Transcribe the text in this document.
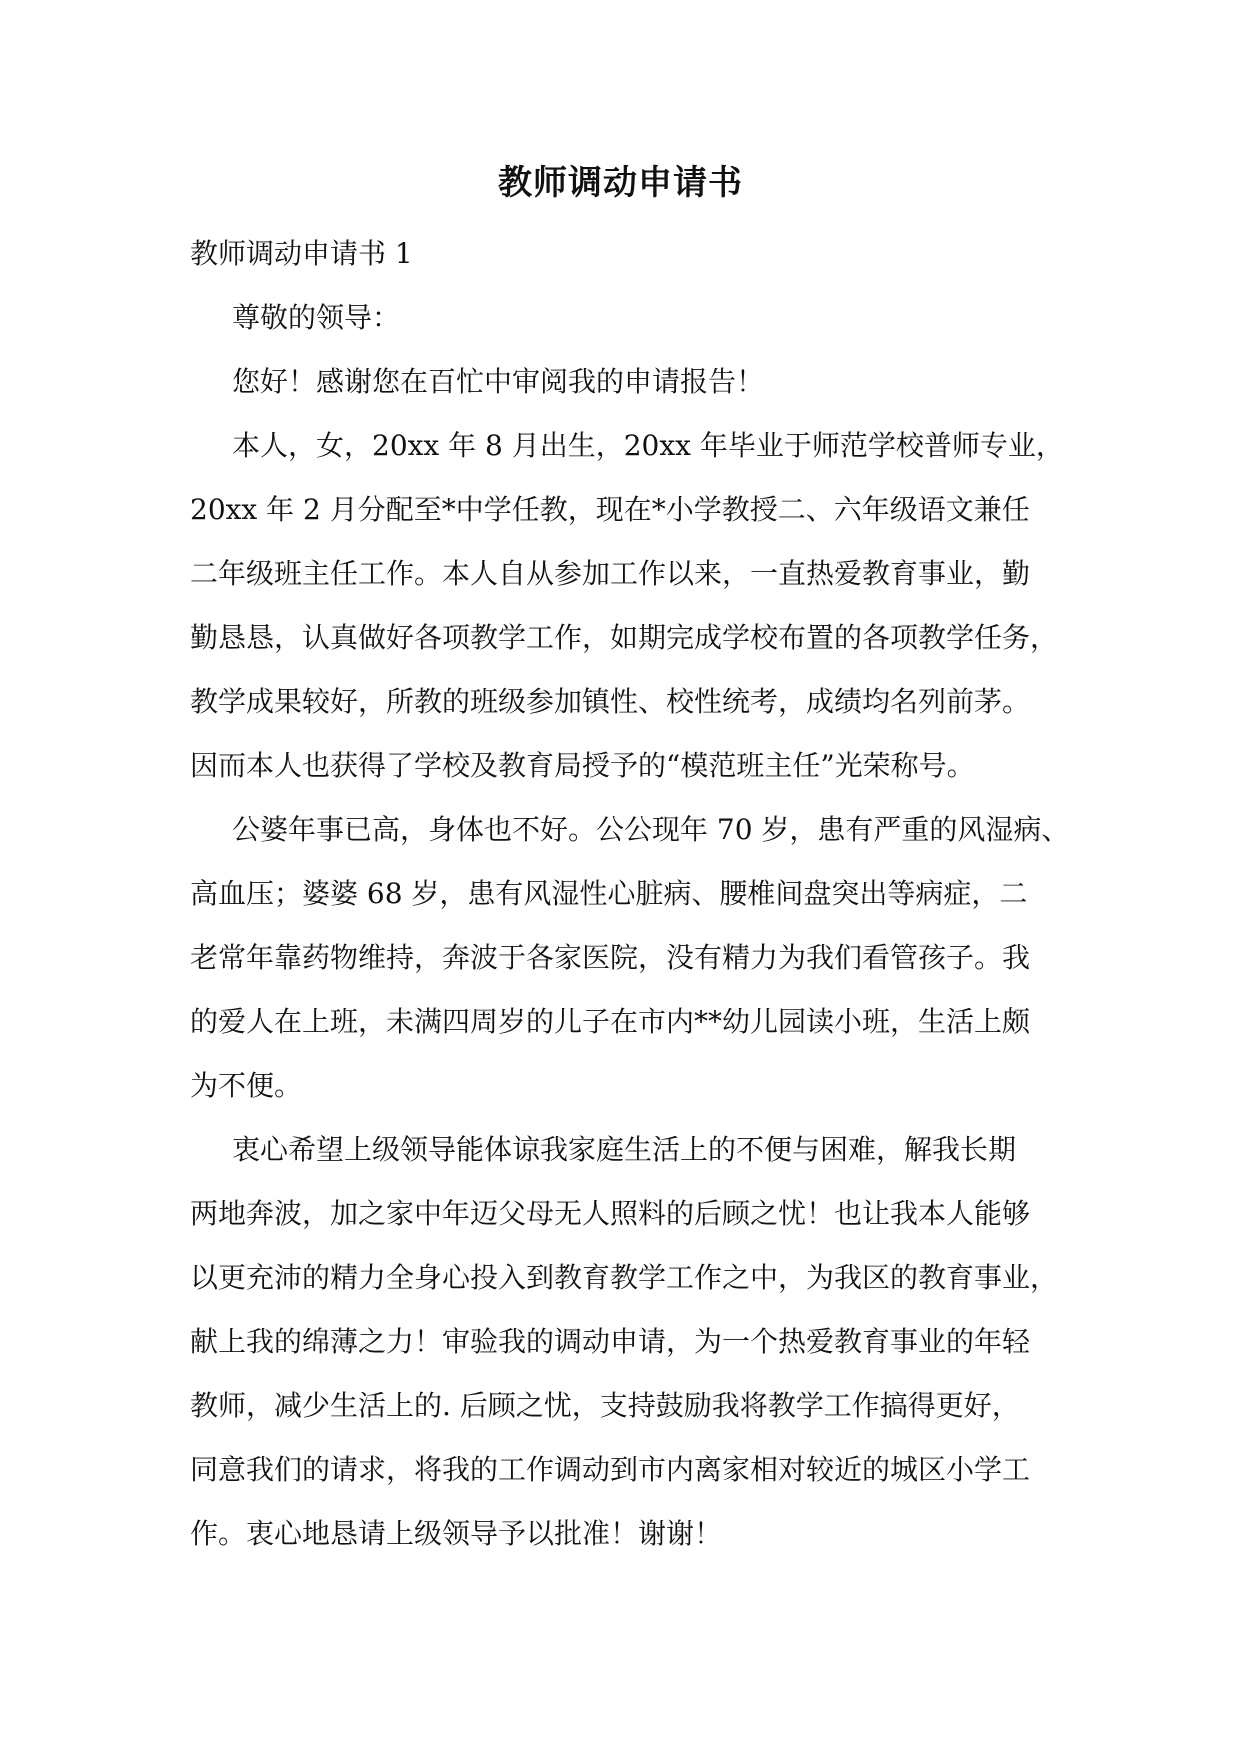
教师调动申请书
教师调动申请书 1
尊敬的领导：
您好！感谢您在百忙中审阅我的申请报告！
本人，女，20xx 年 8 月出生，20xx 年毕业于师范学校普师专业，
20xx 年 2 月分配至*中学任教，现在*小学教授二、六年级语文兼任
二年级班主任工作。本人自从参加工作以来，一直热爱教育事业，勤
勤恳恳，认真做好各项教学工作，如期完成学校布置的各项教学任务，
教学成果较好，所教的班级参加镇性、校性统考，成绩均名列前茅。
因而本人也获得了学校及教育局授予的“模范班主任”光荣称号。
公婆年事已高，身体也不好。公公现年 70 岁，患有严重的风湿病、
高血压；婆婆 68 岁，患有风湿性心脏病、腰椎间盘突出等病症，二
老常年靠药物维持，奔波于各家医院，没有精力为我们看管孩子。我
的爱人在上班，未满四周岁的儿子在市内**幼儿园读小班，生活上颇
为不便。
衷心希望上级领导能体谅我家庭生活上的不便与困难，解我长期
两地奔波，加之家中年迈父母无人照料的后顾之忧！也让我本人能够
以更充沛的精力全身心投入到教育教学工作之中，为我区的教育事业，
献上我的绵薄之力！审验我的调动申请，为一个热爱教育事业的年轻
教师，减少生活上的. 后顾之忧，支持鼓励我将教学工作搞得更好，
同意我们的请求，将我的工作调动到市内离家相对较近的城区小学工
作。衷心地恳请上级领导予以批准！谢谢！
